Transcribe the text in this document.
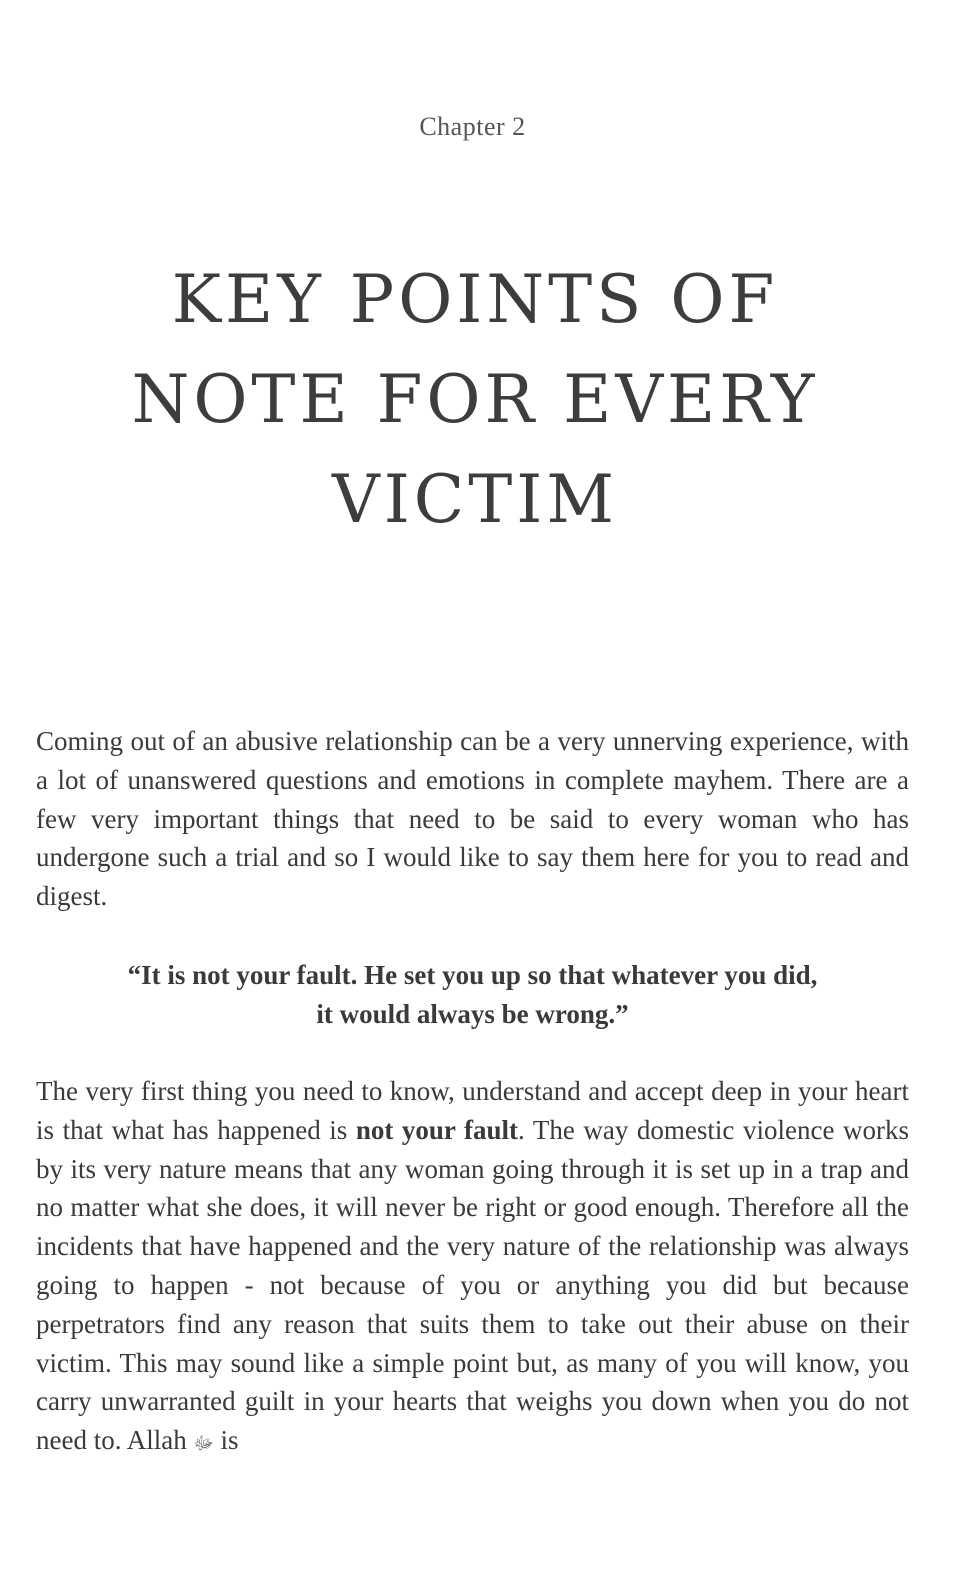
Chapter 2
KEY POINTS OF
NOTE FOR EVERY
VICTIM

Coming out of an abusive relationship can be a very unnerving experience, with a lot of unanswered questions and emotions in complete mayhem. There are a few very important things that need to be said to every woman who has undergone such a trial and so I would like to say them here for you to read and digest.

“It is not your fault. He set you up so that whatever you did,
it would always be wrong.”

The very first thing you need to know, understand and accept deep in your heart is that what has happened is not your fault. The way domestic violence works by its very nature means that any woman going through it is set up in a trap and no matter what she does, it will never be right or good enough. Therefore all the incidents that have happened and the very nature of the relationship was always going to happen - not because of you or anything you did but because perpetrators find any reason that suits them to take out their abuse on their victim. This may sound like a simple point but, as many of you will know, you carry unwarranted guilt in your hearts that weighs you down when you do not need to. Allah ﷻ is
